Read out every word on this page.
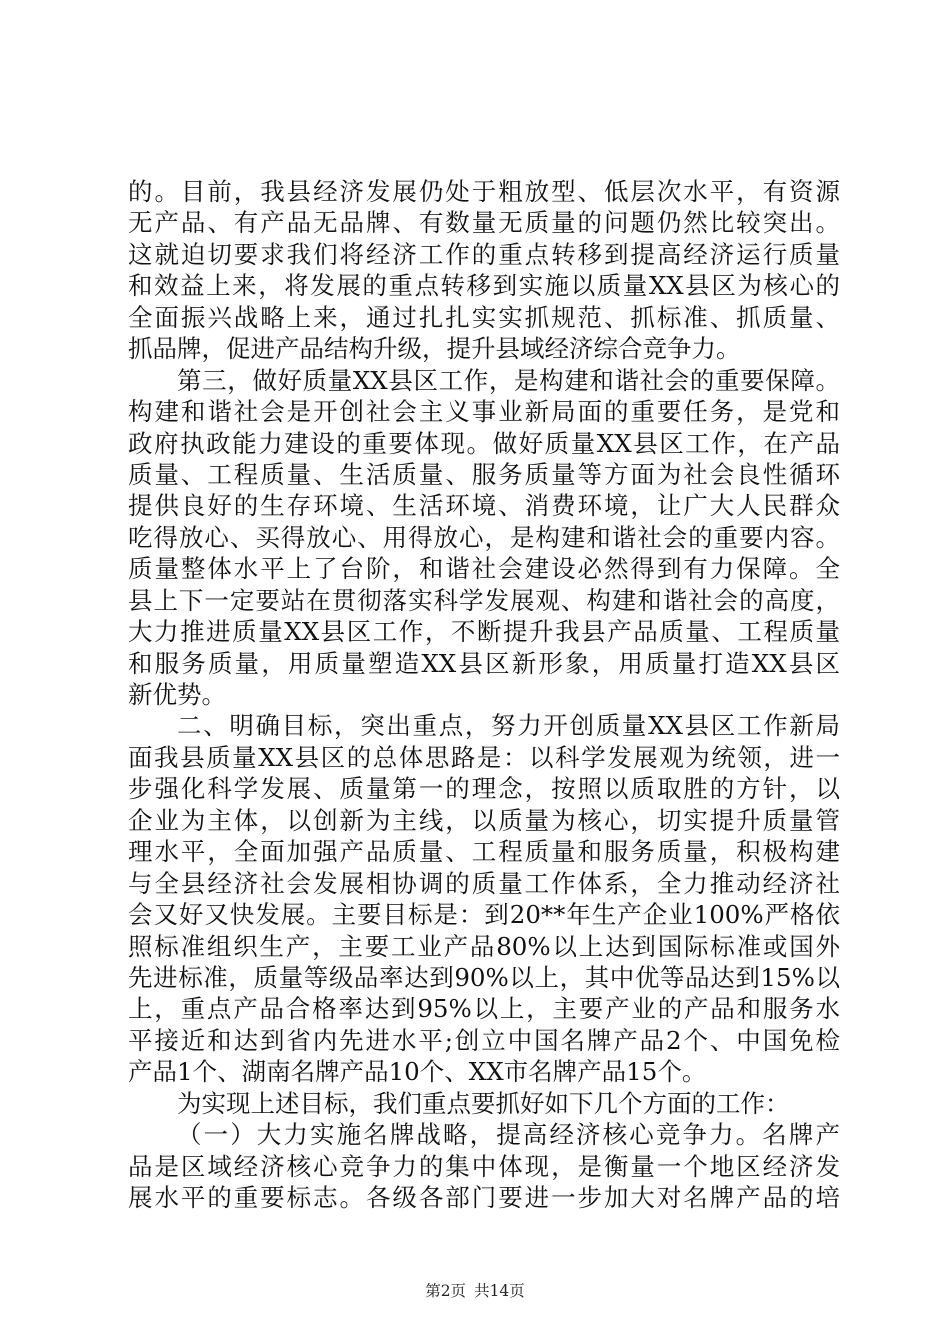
的。目前，我县经济发展仍处于粗放型、低层次水平，有资源
无产品、有产品无品牌、有数量无质量的问题仍然比较突出。
这就迫切要求我们将经济工作的重点转移到提高经济运行质量
和效益上来，将发展的重点转移到实施以质量XX县区为核心的
全面振兴战略上来，通过扎扎实实抓规范、抓标准、抓质量、
抓品牌，促进产品结构升级，提升县域经济综合竞争力。
第三，做好质量XX县区工作，是构建和谐社会的重要保障。
构建和谐社会是开创社会主义事业新局面的重要任务，是党和
政府执政能力建设的重要体现。做好质量XX县区工作，在产品
质量、工程质量、生活质量、服务质量等方面为社会良性循环
提供良好的生存环境、生活环境、消费环境，让广大人民群众
吃得放心、买得放心、用得放心，是构建和谐社会的重要内容。
质量整体水平上了台阶，和谐社会建设必然得到有力保障。全
县上下一定要站在贯彻落实科学发展观、构建和谐社会的高度，
大力推进质量XX县区工作，不断提升我县产品质量、工程质量
和服务质量，用质量塑造XX县区新形象，用质量打造XX县区
新优势。
二、明确目标，突出重点，努力开创质量XX县区工作新局
面我县质量XX县区的总体思路是：以科学发展观为统领，进一
步强化科学发展、质量第一的理念，按照以质取胜的方针，以
企业为主体，以创新为主线，以质量为核心，切实提升质量管
理水平，全面加强产品质量、工程质量和服务质量，积极构建
与全县经济社会发展相协调的质量工作体系，全力推动经济社
会又好又快发展。主要目标是：到20**年生产企业100%严格依
照标准组织生产，主要工业产品80%以上达到国际标准或国外
先进标准，质量等级品率达到90%以上，其中优等品达到15%以
上，重点产品合格率达到95%以上，主要产业的产品和服务水
平接近和达到省内先进水平;创立中国名牌产品2个、中国免检
产品1个、湖南名牌产品10个、XX市名牌产品15个。
为实现上述目标，我们重点要抓好如下几个方面的工作：
（一）大力实施名牌战略，提高经济核心竞争力。名牌产
品是区域经济核心竞争力的集中体现，是衡量一个地区经济发
展水平的重要标志。各级各部门要进一步加大对名牌产品的培
第2页 共14页
